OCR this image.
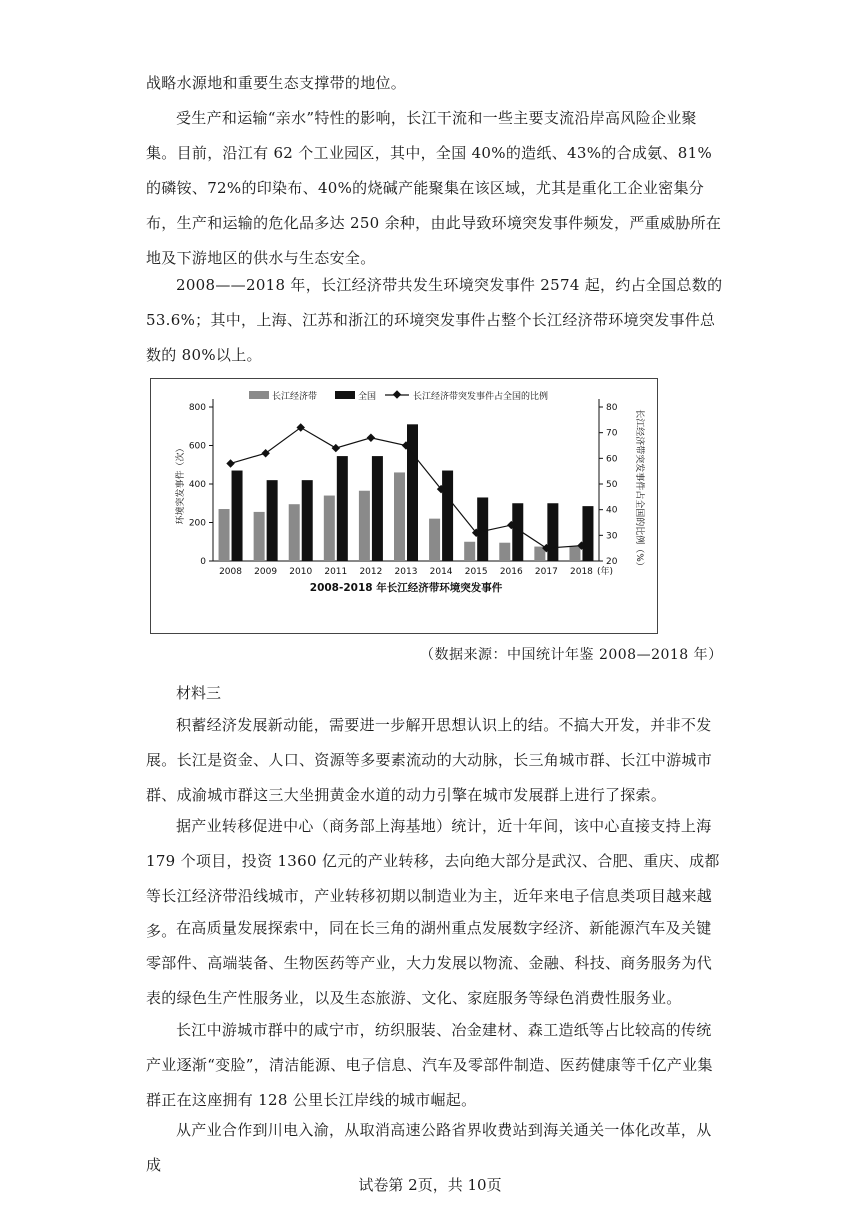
战略水源地和重要生态支撑带的地位。

受生产和运输“亲水”特性的影响，长江干流和一些主要支流沿岸高风险企业聚集。目前，沿江有 62 个工业园区，其中，全国 40%的造纸、43%的合成氨、81%的磷铵、72%的印染布、40%的烧碱产能聚集在该区域，尤其是重化工企业密集分布，生产和运输的危化品多达 250 余种，由此导致环境突发事件频发，严重威胁所在地及下游地区的供水与生态安全。

2008——2018 年，长江经济带共发生环境突发事件 2574 起，约占全国总数的 53.6%；其中，上海、江苏和浙江的环境突发事件占整个长江经济带环境突发事件总数的 80%以上。

长江经济带	全国	长江经济带突发事件占全国的比例
0
200
400
600
800
20
30
40
50
60
70
80
环境突发事件（次）	长江经济带突发事件占全国的比例（%）
2008 2009 2010 2011 2012 2013 2014 2015 2016 2017 2018 (年)
2008-2018 年长江经济带环境突发事件
（数据来源：中国统计年鉴 2008—2018 年）
材料三

积蓄经济发展新动能，需要进一步解开思想认识上的结。不搞大开发，并非不发展。长江是资金、人口、资源等多要素流动的大动脉，长三角城市群、长江中游城市群、成渝城市群这三大坐拥黄金水道的动力引擎在城市发展群上进行了探索。

据产业转移促进中心（商务部上海基地）统计，近十年间，该中心直接支持上海 179 个项目，投资 1360 亿元的产业转移，去向绝大部分是武汉、合肥、重庆、成都等长江经济带沿线城市，产业转移初期以制造业为主，近年来电子信息类项目越来越多。 在高质量发展探索中，同在长三角的湖州重点发展数字经济、新能源汽车及关键零部件、高端装备、生物医药等产业，大力发展以物流、金融、科技、商务服务为代表的绿色生产性服务业，以及生态旅游、文化、家庭服务等绿色消费性服务业。

长江中游城市群中的咸宁市，纺织服装、冶金建材、森工造纸等占比较高的传统产业逐渐“变脸”，清洁能源、电子信息、汽车及零部件制造、医药健康等千亿产业集群正在这座拥有 128 公里长江岸线的城市崛起。

从产业合作到川电入渝，从取消高速公路省界收费站到海关通关一体化改革，从成

试卷第 2页，共 10页
